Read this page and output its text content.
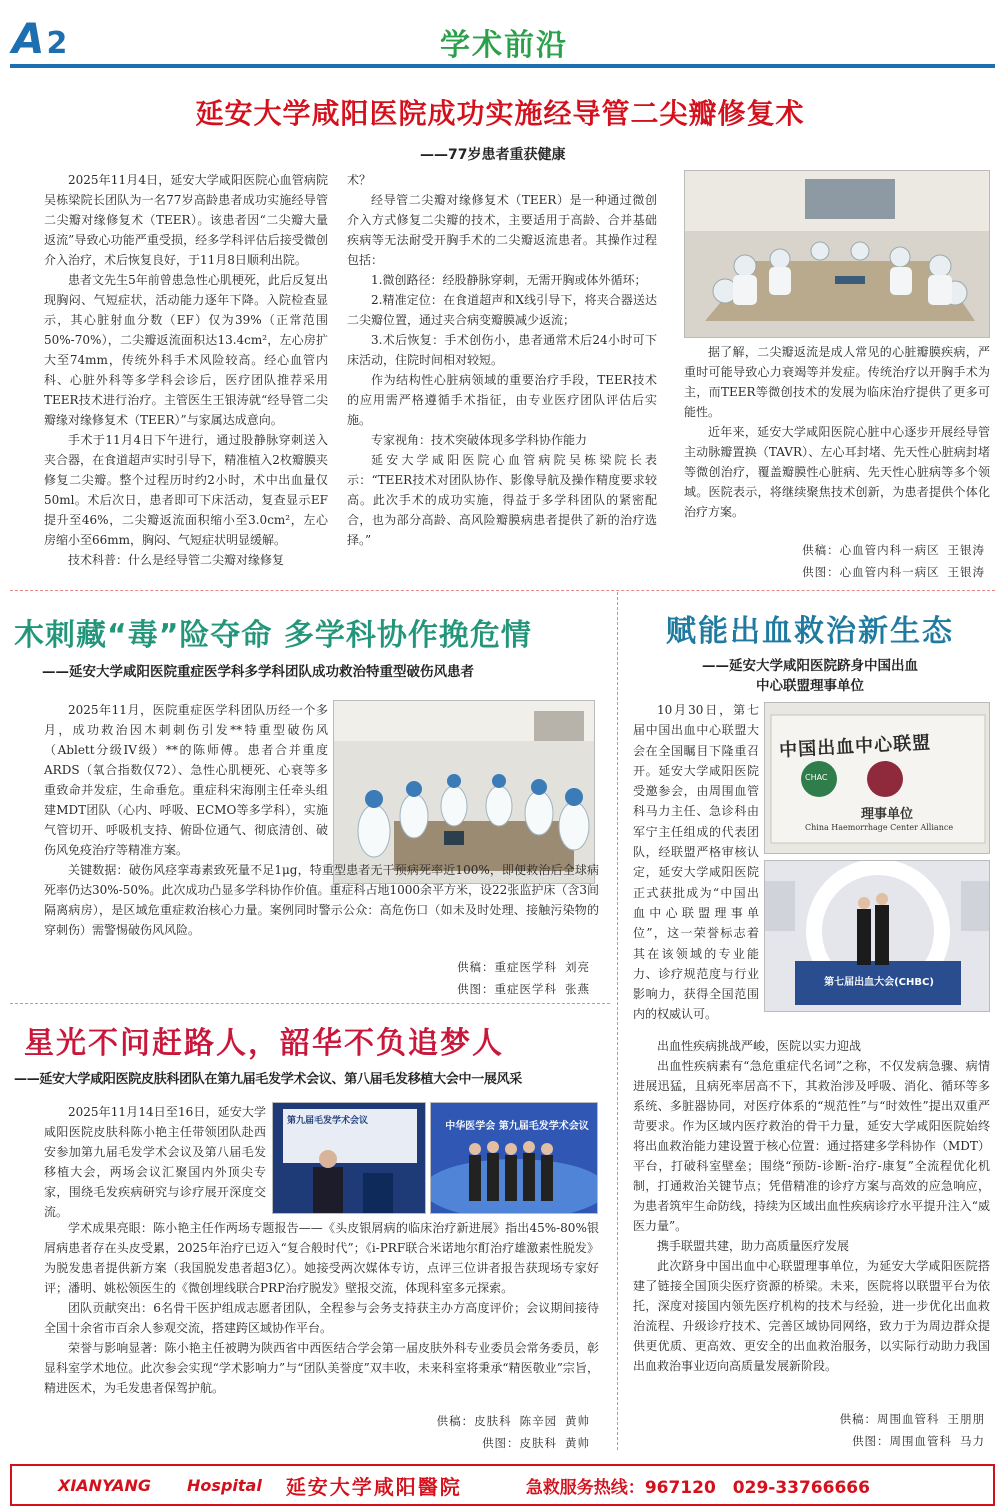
A2	学术前沿
延安大学咸阳医院成功实施经导管二尖瓣修复术
——77岁患者重获健康

2025年11月4日，延安大学咸阳医院心血管病院吴栋梁院长团队为一名77岁高龄患者成功实施经导管二尖瓣对缘修复术（TEER）。该患者因“二尖瓣大量返流”导致心功能严重受损，经多学科评估后接受微创介入治疗，术后恢复良好，于11月8日顺利出院。

患者文先生5年前曾患急性心肌梗死，此后反复出现胸闷、气短症状，活动能力逐年下降。入院检查显示，其心脏射血分数（EF）仅为39%（正常范围50%-70%），二尖瓣返流面积达13.4cm²，左心房扩大至74mm，传统外科手术风险较高。经心血管内科、心脏外科等多学科会诊后，医疗团队推荐采用TEER技术进行治疗。主管医生王银涛就“经导管二尖瓣缘对缘修复术（TEER）”与家属达成意向。

手术于11月4日下午进行，通过股静脉穿刺送入夹合器，在食道超声实时引导下，精准植入2枚瓣膜夹修复二尖瓣。整个过程历时约2小时，术中出血量仅50ml。术后次日，患者即可下床活动，复查显示EF提升至46%，二尖瓣返流面积缩小至3.0cm²，左心房缩小至66mm，胸闷、气短症状明显缓解。

技术科普：什么是经导管二尖瓣对缘修复

术？

经导管二尖瓣对缘修复术（TEER）是一种通过微创介入方式修复二尖瓣的技术，主要适用于高龄、合并基础疾病等无法耐受开胸手术的二尖瓣返流患者。其操作过程包括：

1.微创路径：经股静脉穿刺，无需开胸或体外循环；

2.精准定位：在食道超声和X线引导下，将夹合器送达二尖瓣位置，通过夹合病变瓣膜减少返流；

3.术后恢复：手术创伤小，患者通常术后24小时可下床活动，住院时间相对较短。

作为结构性心脏病领域的重要治疗手段，TEER技术的应用需严格遵循手术指征，由专业医疗团队评估后实施。

专家视角：技术突破体现多学科协作能力

延安大学咸阳医院心血管病院吴栋梁院长表示：“TEER技术对团队协作、影像导航及操作精度要求较高。此次手术的成功实施，得益于多学科团队的紧密配合，也为部分高龄、高风险瓣膜病患者提供了新的治疗选择。”

据了解，二尖瓣返流是成人常见的心脏瓣膜疾病，严重时可能导致心力衰竭等并发症。传统治疗以开胸手术为主，而TEER等微创技术的发展为临床治疗提供了更多可能性。

近年来，延安大学咸阳医院心脏中心逐步开展经导管主动脉瓣置换（TAVR）、左心耳封堵、先天性心脏病封堵等微创治疗，覆盖瓣膜性心脏病、先天性心脏病等多个领域。医院表示，将继续聚焦技术创新，为患者提供个体化治疗方案。

供稿：心血管内科一病区 王银涛
供图：心血管内科一病区 王银涛
木刺藏“毒”险夺命 多学科协作挽危情
——延安大学咸阳医院重症医学科多学科团队成功救治特重型破伤风患者

2025年11月，医院重症医学科团队历经一个多月，成功救治因木刺刺伤引发**特重型破伤风（Ablett分级IV级）**的陈师傅。患者合并重度ARDS（氧合指数仅72）、急性心肌梗死、心衰等多重致命并发症，生命垂危。重症科宋海刚主任牵头组建MDT团队（心内、呼吸、ECMO等多学科），实施气管切开、呼吸机支持、俯卧位通气、彻底清创、破伤风免疫治疗等精准方案。

关键数据：破伤风痉挛毒素致死量不足1μg，特重型患者无干预病死率近100%，即便救治后全球病死率仍达30%-50%。此次成功凸显多学科协作价值。重症科占地1000余平方米，设22张监护床（含3间隔离病房），是区域危重症救治核心力量。案例同时警示公众：高危伤口（如未及时处理、接触污染物的穿刺伤）需警惕破伤风风险。

供稿：重症医学科 刘亮
供图：重症医学科 张燕
星光不问赶路人，韶华不负追梦人
——延安大学咸阳医院皮肤科团队在第九届毛发学术会议、第八届毛发移植大会中一展风采

2025年11月14日至16日，延安大学咸阳医院皮肤科陈小艳主任带领团队赴西安参加第九届毛发学术会议及第八届毛发移植大会，两场会议汇聚国内外顶尖专家，围绕毛发疾病研究与诊疗展开深度交流。

第九届毛发学术会议	中华医学会 第九届毛发学术会议

学术成果亮眼：陈小艳主任作两场专题报告——《头皮银屑病的临床治疗新进展》指出45%-80%银屑病患者存在头皮受累，2025年治疗已迈入“复合般时代”；《i-PRF联合米诺地尔酊治疗雄激素性脱发》为脱发患者提供新方案（我国脱发患者超3亿）。她接受两次媒体专访，点评三位讲者报告获现场专家好评；潘明、姚松领医生的《微创埋线联合PRP治疗脱发》壁报交流，体现科室多元探索。

团队贡献突出：6名骨干医护组成志愿者团队，全程参与会务支持获主办方高度评价；会议期间接待全国十余省市百余人参观交流，搭建跨区域协作平台。

荣誉与影响显著：陈小艳主任被聘为陕西省中西医结合学会第一届皮肤外科专业委员会常务委员，彰显科室学术地位。此次参会实现“学术影响力”与“团队美誉度”双丰收，未来科室将秉承“精医敬业”宗旨，精进医术，为毛发患者保驾护航。

供稿：皮肤科 陈辛园 黄帅
供图：皮肤科 黄帅
赋能出血救治新生态
——延安大学咸阳医院跻身中国出血
中心联盟理事单位

10月30日，第七届中国出血中心联盟大会在全国瞩目下隆重召开。延安大学咸阳医院受邀参会，由周围血管科马力主任、急诊科由军宁主任组成的代表团队，经联盟严格审核认定，延安大学咸阳医院正式获批成为“中国出血中心联盟理事单位”，这一荣誉标志着其在该领域的专业能力、诊疗规范度与行业影响力，获得全国范围内的权威认可。

中国出血中心联盟
CHAC
理事单位
China Haemorrhage Center Alliance
第七届出血大会(CHBC)

出血性疾病挑战严峻，医院以实力迎战

出血性疾病素有“急危重症代名词”之称，不仅发病急骤、病情进展迅猛，且病死率居高不下，其救治涉及呼吸、消化、循环等多系统、多脏器协同，对医疗体系的“规范性”与“时效性”提出双重严苛要求。作为区域内医疗救治的骨干力量，延安大学咸阳医院始终将出血救治能力建设置于核心位置：通过搭建多学科协作（MDT）平台，打破科室壁垒；围绕“预防-诊断-治疗-康复”全流程优化机制，打通救治关键节点；凭借精准的诊疗方案与高效的应急响应，为患者筑牢生命防线，持续为区域出血性疾病诊疗水平提升注入“威医力量”。

携手联盟共建，助力高质量医疗发展

此次跻身中国出血中心联盟理事单位，为延安大学咸阳医院搭建了链接全国顶尖医疗资源的桥梁。未来，医院将以联盟平台为依托，深度对接国内领先医疗机构的技术与经验，进一步优化出血救治流程、升级诊疗技术、完善区域协同网络，致力于为周边群众提供更优质、更高效、更安全的出血救治服务，以实际行动助力我国出血救治事业迈向高质量发展新阶段。

供稿：周围血管科 王朋朋
供图：周围血管科 马力
XIANYANG Hospital 延安大学咸阳醫院	急救服务热线： 967120　029-33766666
